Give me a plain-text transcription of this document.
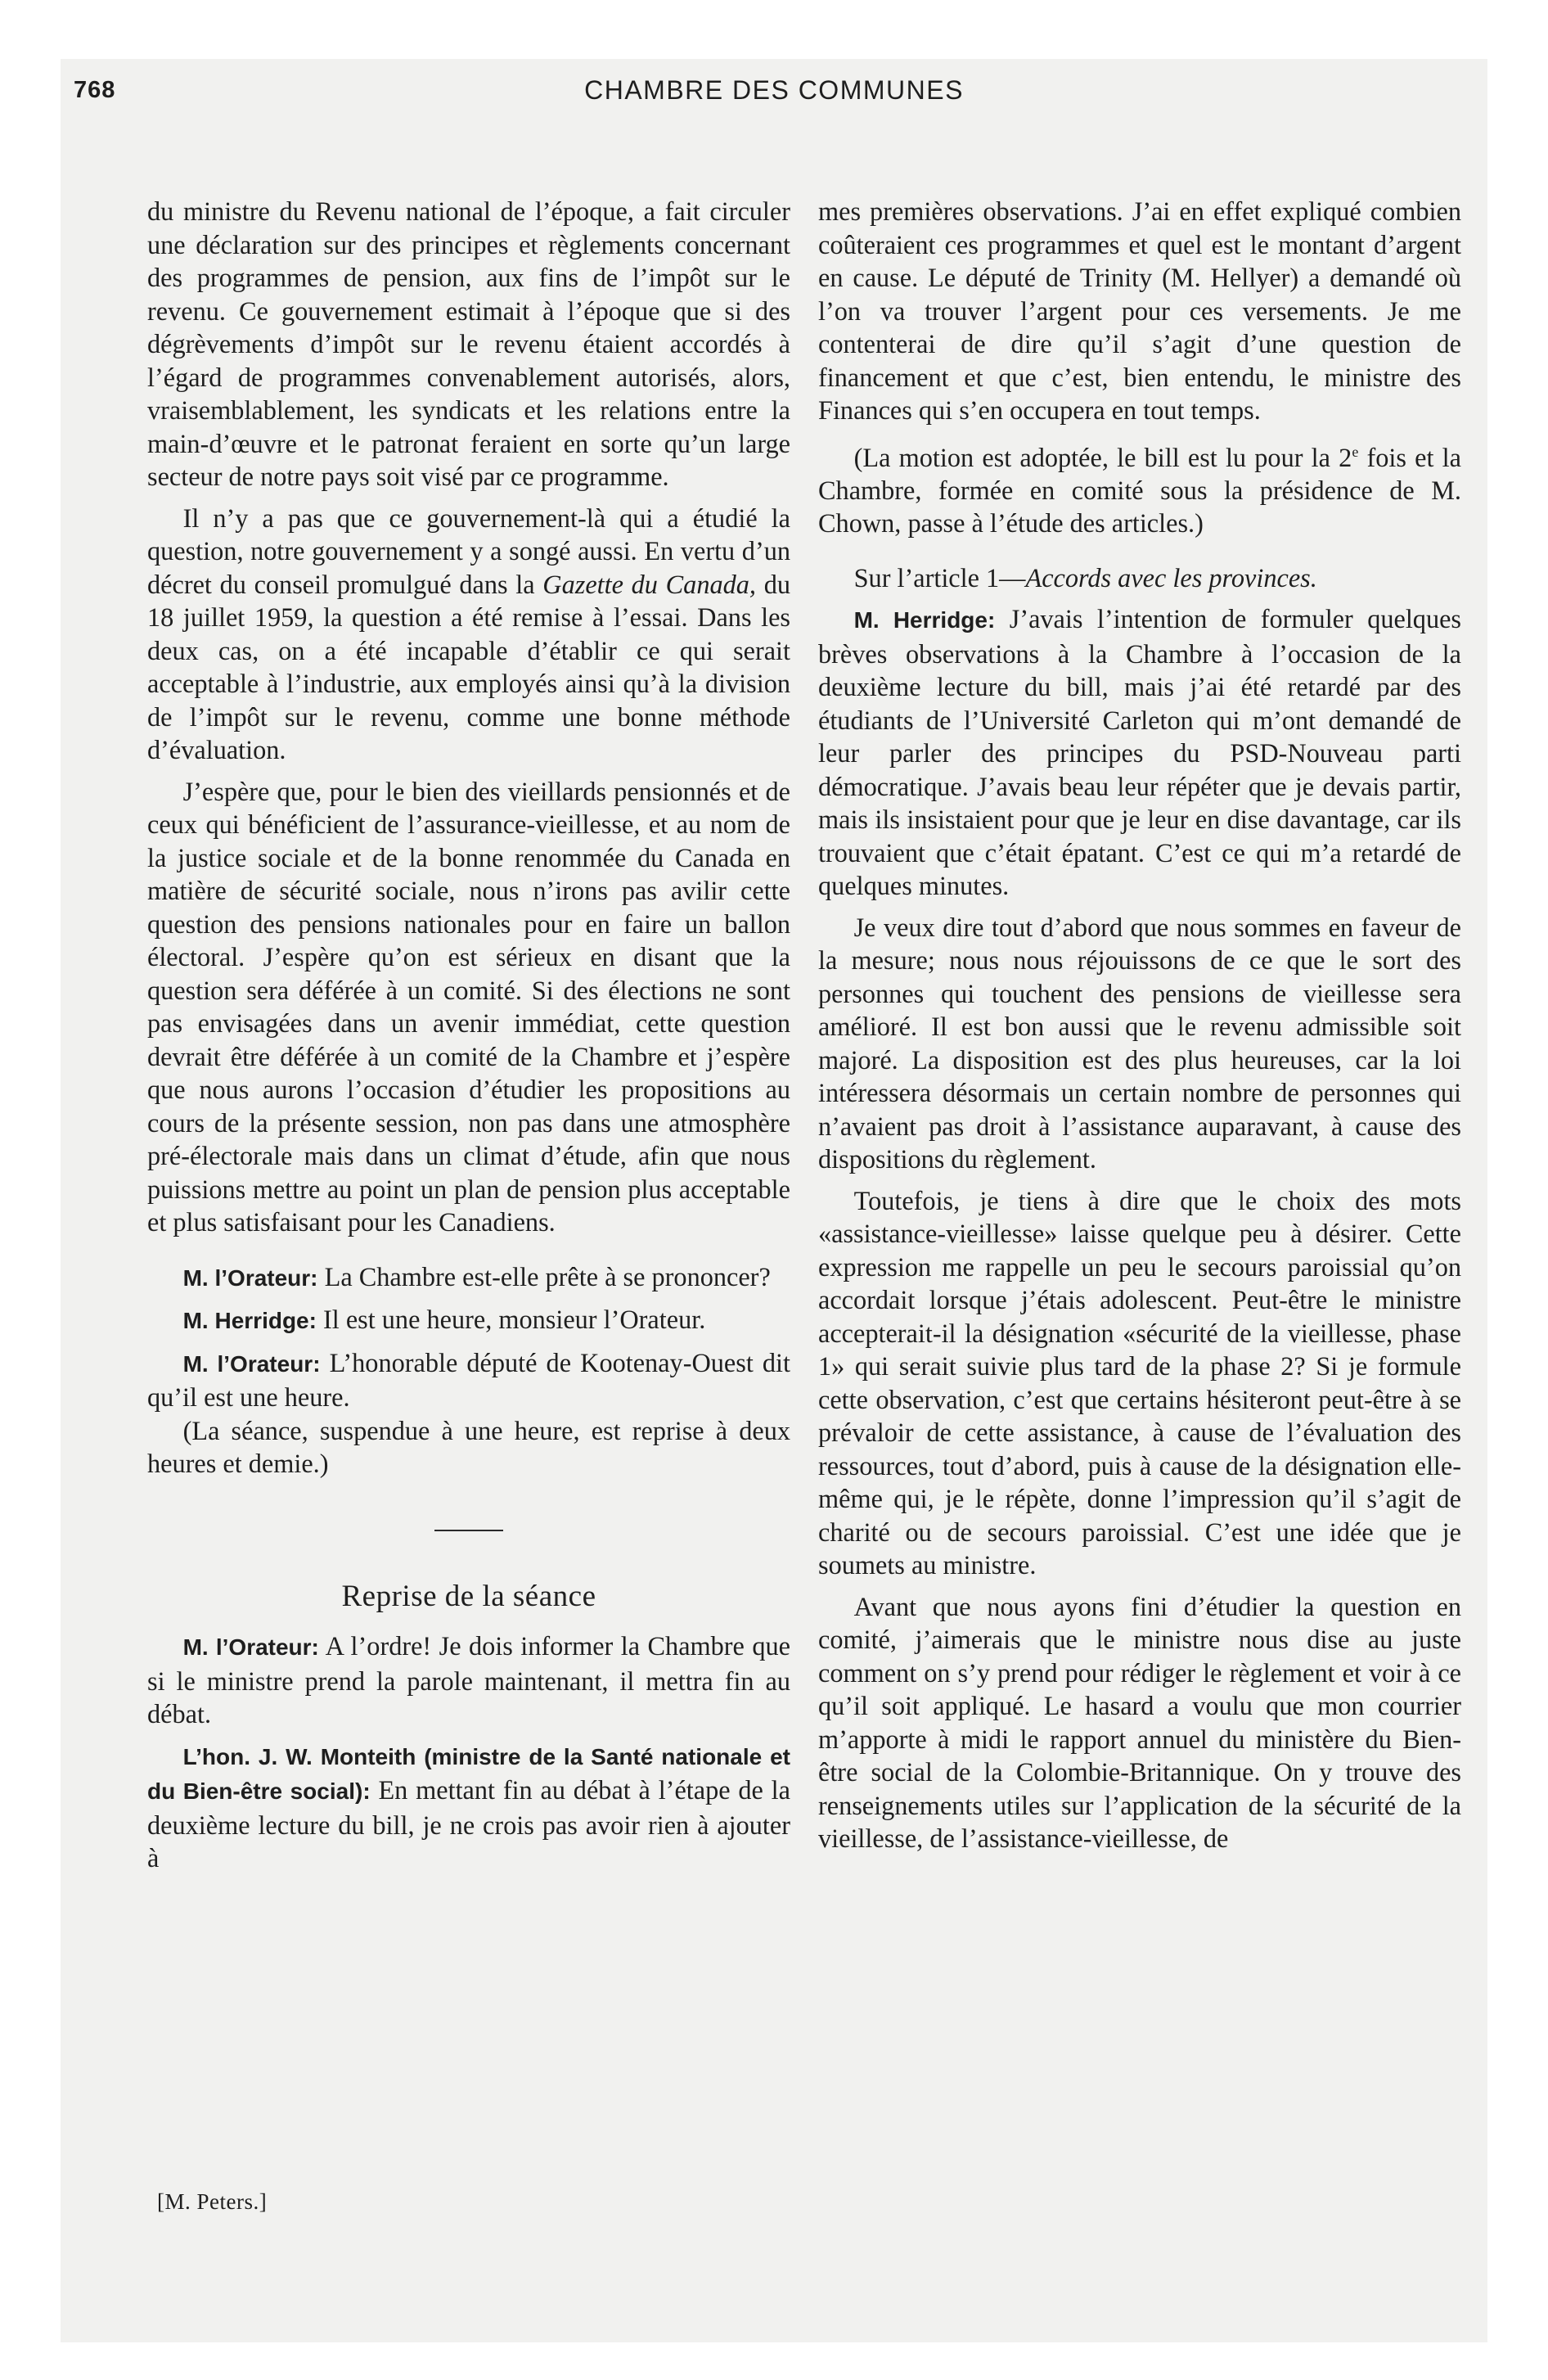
768	CHAMBRE DES COMMUNES

du ministre du Revenu national de l’époque, a fait circuler une déclaration sur des principes et règlements concernant des programmes de pension, aux fins de l’impôt sur le revenu. Ce gouvernement estimait à l’époque que si des dégrèvements d’impôt sur le revenu étaient accordés à l’égard de programmes convenablement autorisés, alors, vraisemblablement, les syndicats et les relations entre la main-d’œuvre et le patronat feraient en sorte qu’un large secteur de notre pays soit visé par ce programme.

Il n’y a pas que ce gouvernement-là qui a étudié la question, notre gouvernement y a songé aussi. En vertu d’un décret du conseil promulgué dans la Gazette du Canada, du 18 juillet 1959, la question a été remise à l’essai. Dans les deux cas, on a été incapable d’établir ce qui serait acceptable à l’industrie, aux employés ainsi qu’à la division de l’impôt sur le revenu, comme une bonne méthode d’évaluation.

J’espère que, pour le bien des vieillards pensionnés et de ceux qui bénéficient de l’assurance-vieillesse, et au nom de la justice sociale et de la bonne renommée du Canada en matière de sécurité sociale, nous n’irons pas avilir cette question des pensions nationales pour en faire un ballon électoral. J’espère qu’on est sérieux en disant que la question sera déférée à un comité. Si des élections ne sont pas envisagées dans un avenir immédiat, cette question devrait être déférée à un comité de la Chambre et j’espère que nous aurons l’occasion d’étudier les propositions au cours de la présente session, non pas dans une atmosphère pré-électorale mais dans un climat d’étude, afin que nous puissions mettre au point un plan de pension plus acceptable et plus satisfaisant pour les Canadiens.

M. l’Orateur: La Chambre est-elle prête à se prononcer?

M. Herridge: Il est une heure, monsieur l’Orateur.

M. l’Orateur: L’honorable député de Kootenay-Ouest dit qu’il est une heure.

(La séance, suspendue à une heure, est reprise à deux heures et demie.)

Reprise de la séance

M. l’Orateur: A l’ordre! Je dois informer la Chambre que si le ministre prend la parole maintenant, il mettra fin au débat.

L’hon. J. W. Monteith (ministre de la Santé nationale et du Bien-être social): En mettant fin au débat à l’étape de la deuxième lecture du bill, je ne crois pas avoir rien à ajouter à

[M. Peters.]

mes premières observations. J’ai en effet expliqué combien coûteraient ces programmes et quel est le montant d’argent en cause. Le député de Trinity (M. Hellyer) a demandé où l’on va trouver l’argent pour ces versements. Je me contenterai de dire qu’il s’agit d’une question de financement et que c’est, bien entendu, le ministre des Finances qui s’en occupera en tout temps.

(La motion est adoptée, le bill est lu pour la 2e fois et la Chambre, formée en comité sous la présidence de M. Chown, passe à l’étude des articles.)

Sur l’article 1—Accords avec les provinces.

M. Herridge: J’avais l’intention de formuler quelques brèves observations à la Chambre à l’occasion de la deuxième lecture du bill, mais j’ai été retardé par des étudiants de l’Université Carleton qui m’ont demandé de leur parler des principes du PSD-Nouveau parti démocratique. J’avais beau leur répéter que je devais partir, mais ils insistaient pour que je leur en dise davantage, car ils trouvaient que c’était épatant. C’est ce qui m’a retardé de quelques minutes.

Je veux dire tout d’abord que nous sommes en faveur de la mesure; nous nous réjouissons de ce que le sort des personnes qui touchent des pensions de vieillesse sera amélioré. Il est bon aussi que le revenu admissible soit majoré. La disposition est des plus heureuses, car la loi intéressera désormais un certain nombre de personnes qui n’avaient pas droit à l’assistance auparavant, à cause des dispositions du règlement.

Toutefois, je tiens à dire que le choix des mots «assistance-vieillesse» laisse quelque peu à désirer. Cette expression me rappelle un peu le secours paroissial qu’on accordait lorsque j’étais adolescent. Peut-être le ministre accepterait-il la désignation «sécurité de la vieillesse, phase 1» qui serait suivie plus tard de la phase 2? Si je formule cette observation, c’est que certains hésiteront peut-être à se prévaloir de cette assistance, à cause de l’évaluation des ressources, tout d’abord, puis à cause de la désignation elle-même qui, je le répète, donne l’impression qu’il s’agit de charité ou de secours paroissial. C’est une idée que je soumets au ministre.

Avant que nous ayons fini d’étudier la question en comité, j’aimerais que le ministre nous dise au juste comment on s’y prend pour rédiger le règlement et voir à ce qu’il soit appliqué. Le hasard a voulu que mon courrier m’apporte à midi le rapport annuel du ministère du Bien-être social de la Colombie-Britannique. On y trouve des renseignements utiles sur l’application de la sécurité de la vieillesse, de l’assistance-vieillesse, de
